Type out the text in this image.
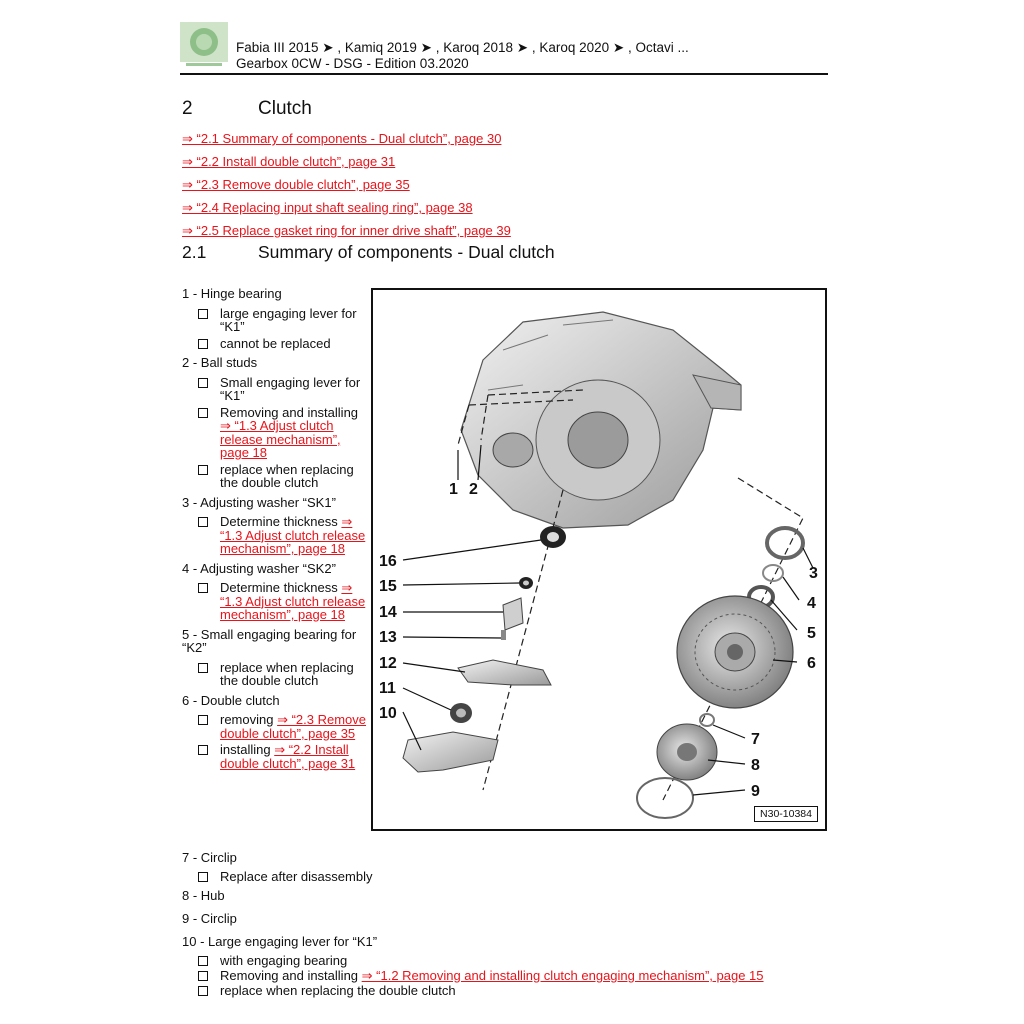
Fabia III 2015 ➤ , Kamiq 2019 ➤ , Karoq 2018 ➤ , Karoq 2020 ➤ , Octavi ...
Gearbox 0CW - DSG - Edition 03.2020
2	Clutch
⇒ “2.1 Summary of components - Dual clutch”, page 30
⇒ “2.2 Install double clutch”, page 31
⇒ “2.3 Remove double clutch”, page 35
⇒ “2.4 Replacing input shaft sealing ring”, page 38
⇒ “2.5 Replace gasket ring for inner drive shaft”, page 39
2.1	Summary of components - Dual clutch
1 - Hinge bearing
large engaging lever for “K1”
cannot be replaced
2 - Ball studs
Small engaging lever for “K1”
Removing and installing ⇒ “1.3 Adjust clutch release mechanism”, page 18
replace when replacing the double clutch
3 - Adjusting washer “SK1”
Determine thickness ⇒ “1.3 Adjust clutch release mechanism”, page 18
4 - Adjusting washer “SK2”
Determine thickness ⇒ “1.3 Adjust clutch release mechanism”, page 18
5 - Small engaging bearing for “K2”
replace when replacing the double clutch
6 - Double clutch
removing ⇒ “2.3 Remove double clutch”, page 35
installing ⇒ “2.2 Install double clutch”, page 31
1 2
3
4
5
6
7
8
9
10
11
12
13
14
15
16
N30-10384
7 - Circlip
Replace after disassembly
8 - Hub
9 - Circlip
10 - Large engaging lever for “K1”
with engaging bearing
Removing and installing ⇒ “1.2 Removing and installing clutch engaging mechanism”, page 15
replace when replacing the double clutch
